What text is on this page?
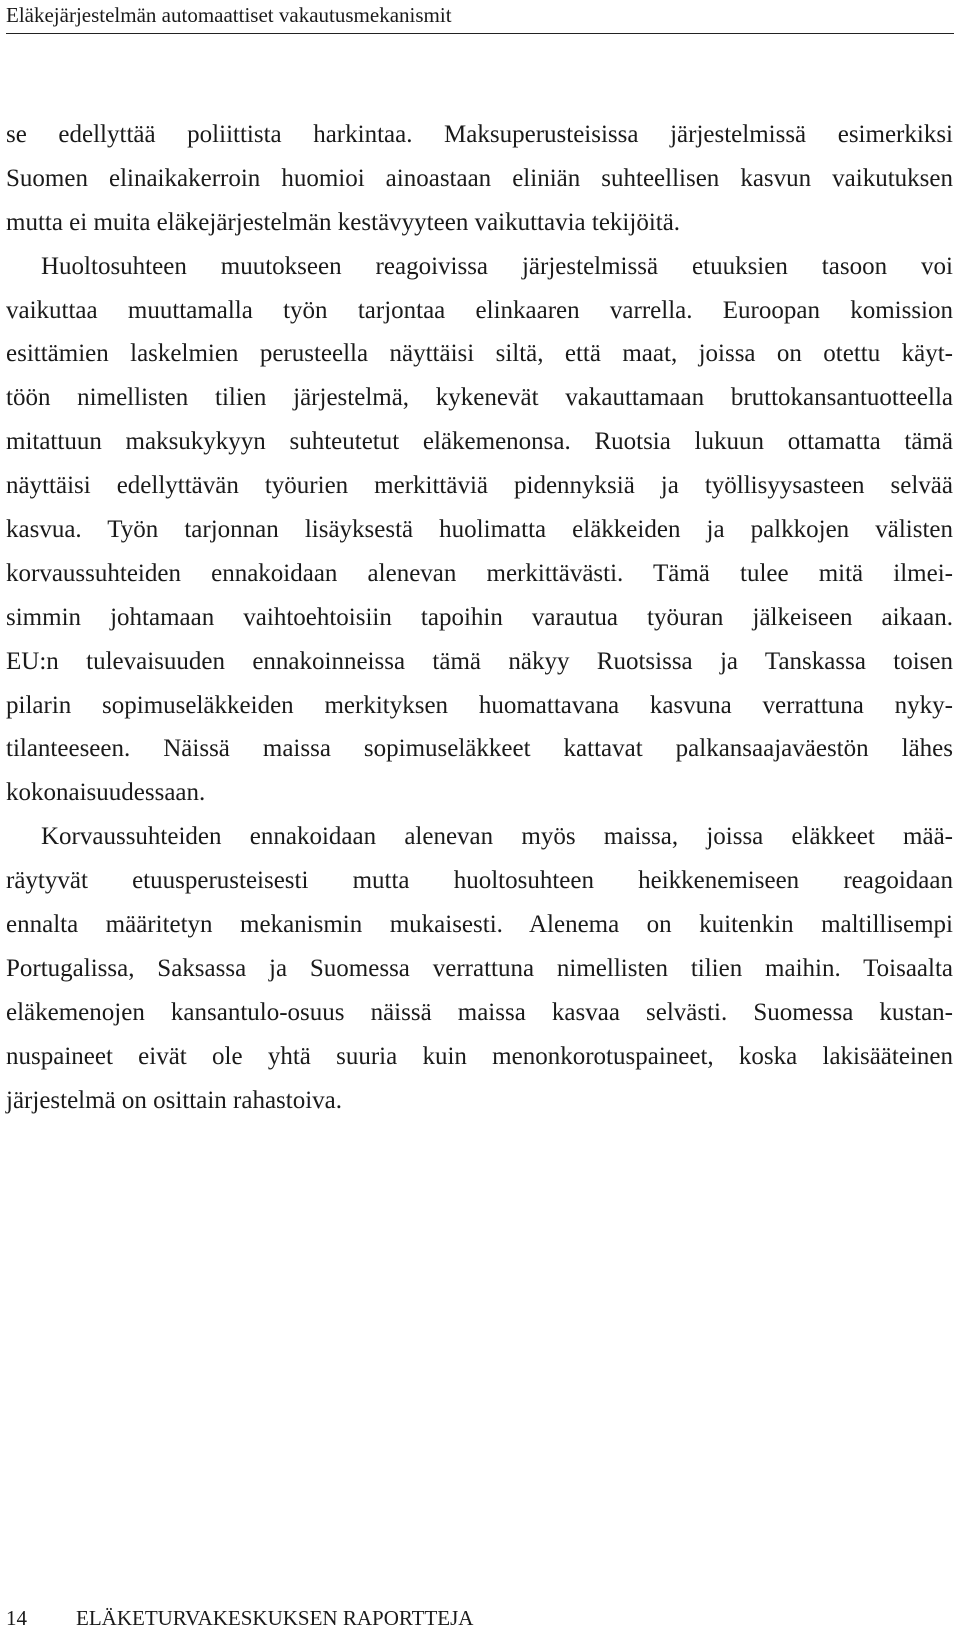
Eläkejärjestelmän automaattiset vakautusmekanismit
se edellyttää poliittista harkintaa. Maksuperusteisissa järjestelmissä esimerkiksi
Suomen elinaikakerroin huomioi ainoastaan eliniän suhteellisen kasvun vaikutuksen
mutta ei muita eläkejärjestelmän kestävyyteen vaikuttavia tekijöitä.
Huoltosuhteen muutokseen reagoivissa järjestelmissä etuuksien tasoon voi
vaikuttaa muuttamalla työn tarjontaa elinkaaren varrella. Euroopan komission
esittämien laskelmien perusteella näyttäisi siltä, että maat, joissa on otettu käyt-
töön nimellisten tilien järjestelmä, kykenevät vakauttamaan bruttokansantuotteella
mitattuun maksukykyyn suhteutetut eläkemenonsa. Ruotsia lukuun ottamatta tämä
näyttäisi edellyttävän työurien merkittäviä pidennyksiä ja työllisyysasteen selvää
kasvua. Työn tarjonnan lisäyksestä huolimatta eläkkeiden ja palkkojen välisten
korvaussuhteiden ennakoidaan alenevan merkittävästi. Tämä tulee mitä ilmei-
simmin johtamaan vaihtoehtoisiin tapoihin varautua työuran jälkeiseen aikaan.
EU:n tulevaisuuden ennakoinneissa tämä näkyy Ruotsissa ja Tanskassa toisen
pilarin sopimuseläkkeiden merkityksen huomattavana kasvuna verrattuna nyky-
tilanteeseen. Näissä maissa sopimuseläkkeet kattavat palkansaajaväestön lähes
kokonaisuudessaan.
Korvaussuhteiden ennakoidaan alenevan myös maissa, joissa eläkkeet mää-
räytyvät etuusperusteisesti mutta huoltosuhteen heikkenemiseen reagoidaan
ennalta määritetyn mekanismin mukaisesti. Alenema on kuitenkin maltillisempi
Portugalissa, Saksassa ja Suomessa verrattuna nimellisten tilien maihin. Toisaalta
eläkemenojen kansantulo-osuus näissä maissa kasvaa selvästi. Suomessa kustan-
nuspaineet eivät ole yhtä suuria kuin menonkorotuspaineet, koska lakisääteinen
järjestelmä on osittain rahastoiva.
14 ELÄKETURVAKESKUKSEN RAPORTTEJA
